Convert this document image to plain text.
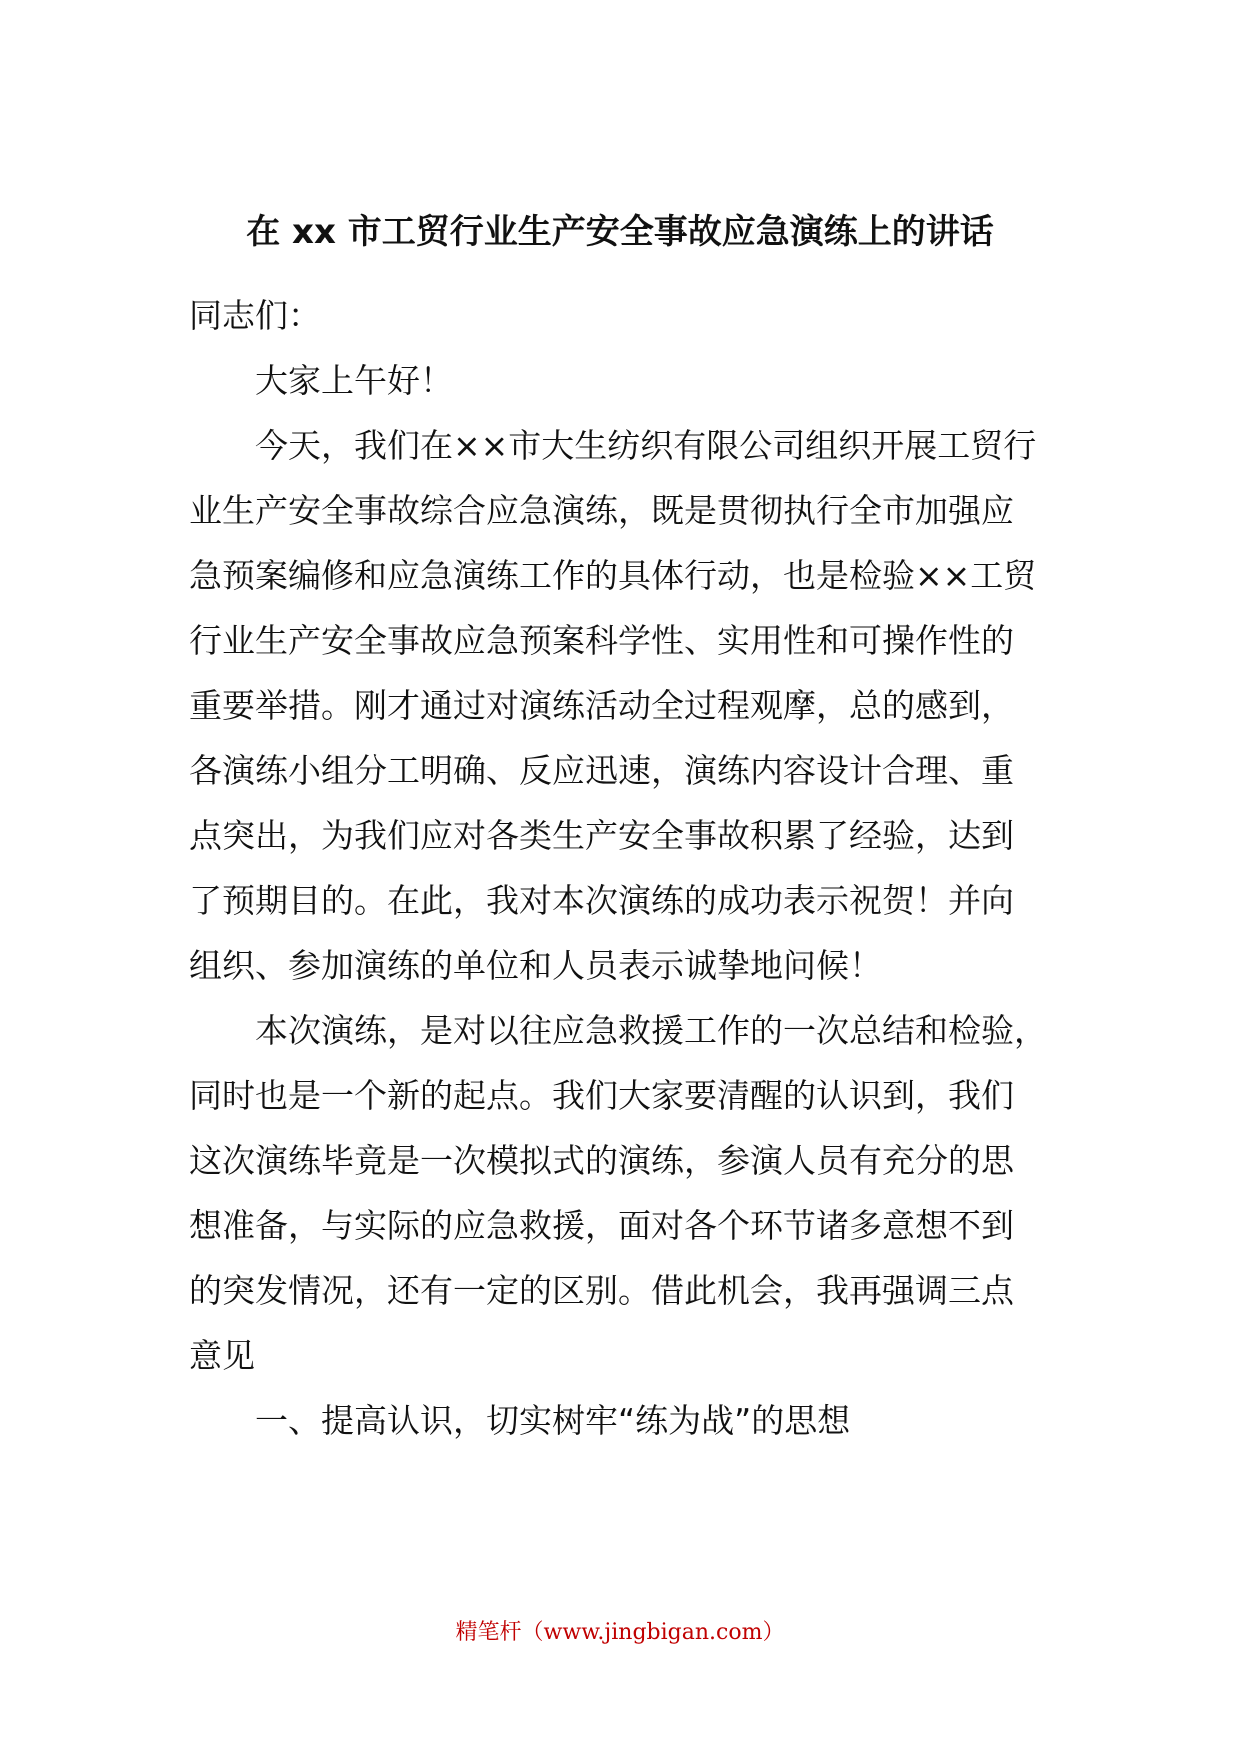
在 xx 市工贸行业生产安全事故应急演练上的讲话
同志们：
大家上午好！
今天，我们在××市大生纺织有限公司组织开展工贸行
业生产安全事故综合应急演练，既是贯彻执行全市加强应
急预案编修和应急演练工作的具体行动，也是检验××工贸
行业生产安全事故应急预案科学性、实用性和可操作性的
重要举措。刚才通过对演练活动全过程观摩，总的感到，
各演练小组分工明确、反应迅速，演练内容设计合理、重
点突出，为我们应对各类生产安全事故积累了经验，达到
了预期目的。在此，我对本次演练的成功表示祝贺！并向
组织、参加演练的单位和人员表示诚挚地问候！
本次演练，是对以往应急救援工作的一次总结和检验，
同时也是一个新的起点。我们大家要清醒的认识到，我们
这次演练毕竟是一次模拟式的演练，参演人员有充分的思
想准备，与实际的应急救援，面对各个环节诸多意想不到
的突发情况，还有一定的区别。借此机会，我再强调三点
意见
一、提高认识，切实树牢“练为战”的思想
精笔杆（www.jingbigan.com）
